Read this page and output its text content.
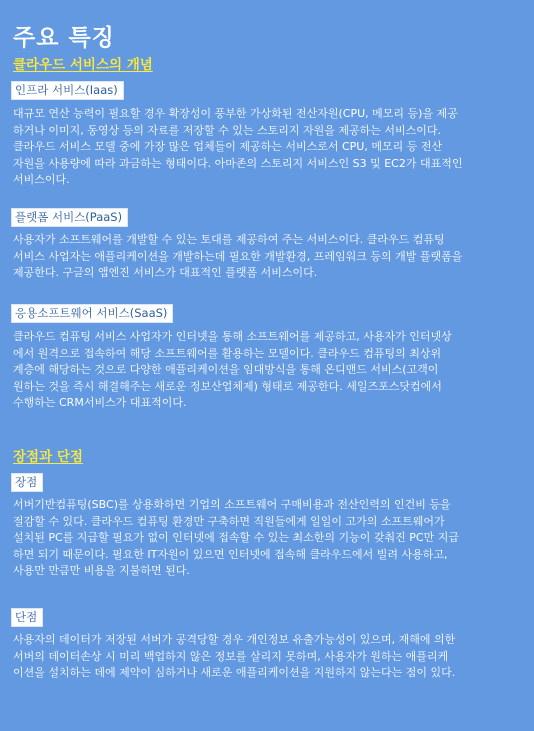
주요 특징
클라우드 서비스의 개념
인프라 서비스(Iaas)
대규모 연산 능력이 필요할 경우 확장성이 풍부한 가상화된 전산자원(CPU, 메모리 등)을 제공
하거나 이미지, 동영상 등의 자료를 저장할 수 있는 스토리지 자원을 제공하는 서비스이다.
클라우드 서비스 모델 중에 가장 많은 업체들이 제공하는 서비스로서 CPU, 메모리 등 전산
자원을 사용량에 따라 과금하는 형태이다. 아마존의 스토리지 서비스인 S3 및 EC2가 대표적인
서비스이다.
플랫폼 서비스(PaaS)
사용자가 소프트웨어를 개발할 수 있는 토대를 제공하여 주는 서비스이다. 클라우드 컴퓨팅
서비스 사업자는 애플리케이션을 개발하는데 필요한 개발환경, 프레임워크 등의 개발 플랫폼을
제공한다. 구글의 앱엔진 서비스가 대표적인 플랫폼 서비스이다.
응용소프트웨어 서비스(SaaS)
클라우드 컴퓨팅 서비스 사업자가 인터넷을 통해 소프트웨어를 제공하고, 사용자가 인터넷상
에서 원격으로 접속하여 해당 소프트웨어를 활용하는 모델이다. 클라우드 컴퓨팅의 최상위
계층에 해당하는 것으로 다양한 애플리케이션을 임대방식을 통해 온디맨드 서비스(고객이
원하는 것을 즉시 해결해주는 새로운 정보산업체제) 형태로 제공한다. 세일즈포스닷컴에서
수행하는 CRM서비스가 대표적이다.
장점과 단점
장점
서버기반컴퓨팅(SBC)를 상용화하면 기업의 소프트웨어 구매비용과 전산인력의 인건비 등을
절감할 수 있다. 클라우드 컴퓨팅 환경만 구축하면 직원들에게 일일이 고가의 소프트웨어가
설치된 PC를 지급할 필요가 없이 인터넷에 접속할 수 있는 최소한의 기능이 갖춰진 PC만 지급
하면 되기 때문이다. 필요한 IT자원이 있으면 인터넷에 접속해 클라우드에서 빌려 사용하고,
사용만 만큼만 비용을 지불하면 된다.
단점
사용자의 데이터가 저장된 서버가 공격당할 경우 개인정보 유출가능성이 있으며, 재해에 의한
서버의 데이터손상 시 미리 백업하지 않은 정보를 살리지 못하며, 사용자가 원하는 애플리케
이션을 설치하는 데에 제약이 심하거나 새로운 애플리케이션을 지원하지 않는다는 점이 있다.
